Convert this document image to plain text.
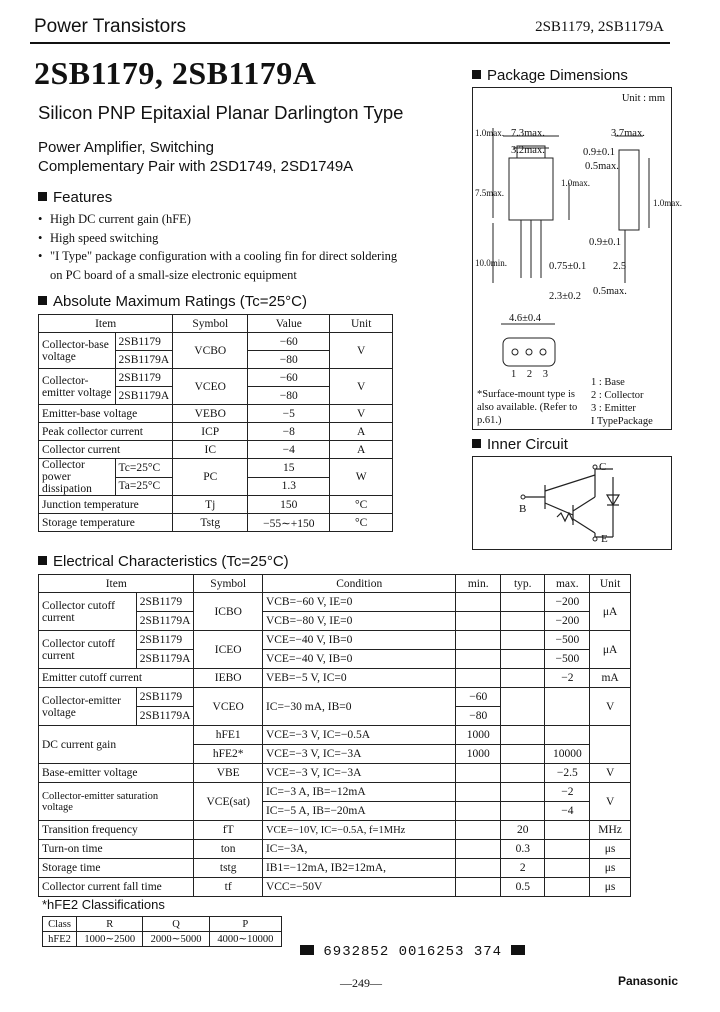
Power Transistors	2SB1179, 2SB1179A
2SB1179, 2SB1179A
Silicon PNP Epitaxial Planar Darlington Type
Power Amplifier, Switching
Complementary Pair with 2SD1749, 2SD1749A
Features
• High DC current gain (hFE)
• High speed switching
• "I Type" package configuration with a cooling fin for direct soldering
on PC board of a small-size electronic equipment
Absolute Maximum Ratings (Tc=25°C)
Item		Symbol	Value	Unit
Collector-base voltage	2SB1179	VCBO	−60	V
	2SB1179A		−80	
Collector-emitter voltage	2SB1179	VCEO	−60	V
	2SB1179A		−80	
Emitter-base voltage		VEBO	−5	V
Peak collector current		ICP	−8	A
Collector current		IC	−4	A
Collector power dissipation	Tc=25°C	PC	15	W
	Ta=25°C		1.3	
Junction temperature		Tj	150	°C
Storage temperature		Tstg	−55∼+150	°C
Package Dimensions
Unit : mm
7.3max.
3.2max.
3.7max.
0.9±0.1
0.5max.
1.0max.
7.5max.
1.0max.
1.0max.
10.0min.
0.9±0.1
0.75±0.1	2.5
2.3±0.2 0.5max.
4.6±0.4
1 2 3
*Surface-mount type is also available. (Refer to p.61.)
1 : Base
2 : Collector
3 : Emitter
I TypePackage
Inner Circuit
C
B
E
Electrical Characteristics (Tc=25°C)
Item		Symbol	Condition	min.	typ.	max.	Unit
Collector cutoff current	2SB1179	ICBO	VCB=−60 V, IE=0			−200	μA
	2SB1179A		VCB=−80 V, IE=0			−200	
Collector cutoff current	2SB1179	ICEO	VCE=−40 V, IB=0			−500	μA
	2SB1179A		VCE=−40 V, IB=0			−500	
Emitter cutoff current		IEBO	VEB=−5 V, IC=0			−2	mA
Collector-emitter voltage	2SB1179	VCEO	IC=−30 mA, IB=0	−60			V
	2SB1179A			−80			
DC current gain		hFE1	VCE=−3 V, IC=−0.5A	1000			
		hFE2*	VCE=−3 V, IC=−3A	1000		10000	
Base-emitter voltage		VBE	VCE=−3 V, IC=−3A			−2.5	V
Collector-emitter saturation voltage		VCE(sat)	IC=−3 A, IB=−12mA			−2	V
			IC=−5 A, IB=−20mA			−4	
Transition frequency		fT	VCE=−10V, IC=−0.5A, f=1MHz		20		MHz
Turn-on time		ton	IC=−3A,		0.3		μs
Storage time		tstg	IB1=−12mA, IB2=12mA,		2		μs
Collector current fall time		tf	VCC=−50V		0.5		μs
*hFE2 Classifications
Class	R	Q	P
hFE2	1000∼2500	2000∼5000	4000∼10000
6932852 0016253 374
—249—	Panasonic
